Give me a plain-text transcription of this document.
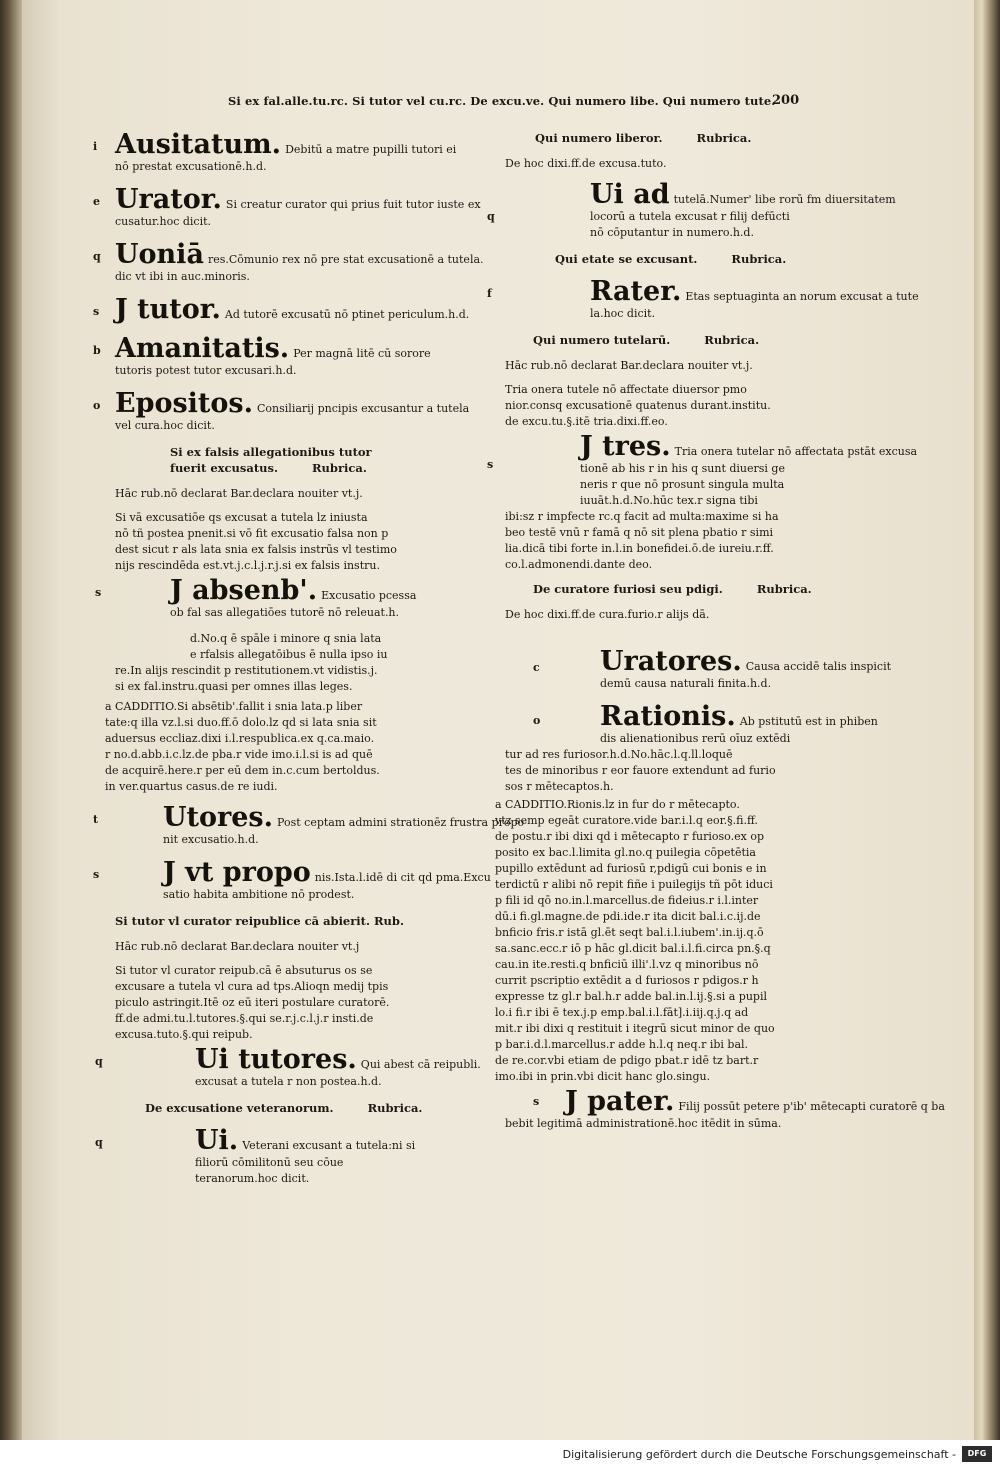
Si ex fal.alle.tu.rc. Si tutor vel cu.rc. De excu.ve. Qui numero libe. Qui numero tute.
200
i Ausitatum. Debitū a matre pupilli tutori ei
nō prestat excusationē.h.d.
e Urator. Si creatur curator qui prius fuit tutor iuste ex
cusatur.hoc dicit.
q Uoniā res.Cōmunio rex nō pre stat excusationē a tutela.
dic vt ibi in auc.minoris.
s J tutor. Ad tutorē excusatū nō ptinet periculum.h.d.
b Amanitatis. Per magnā litē cū sorore
tutoris potest tutor excusari.h.d.
o Epositos. Consiliarij pncipis excusantur a tutela
vel cura.hoc dicit.
Si ex falsis allegationibus tutor fuerit excusatus.	Rubrica.
Hāc rub.nō declarat Bar.declara nouiter vt.j.
Si vā excusatiōe qs excusat a tutela lz iniusta
nō tñ postea pnenit.si vō fit excusatio falsa non p
dest sicut r als lata snia ex falsis instrūs vl testimo
nijs rescindēda est.vt.j.c.l.j.r.j.si ex falsis instru.
s	J absenb'. Excusatio pcessa ob fal sas allegatiōes tutorē nō releuat.h.
d.No.q ē spāle i minore q snia lata
e rfalsis allegatōibus ē nulla ipso iu
re.In alijs rescindit p restitutionem.vt vidistis.j.
si ex fal.instru.quasi per omnes illas leges.
a CADDITIO.Si absētib'.fallit i snia lata.p liber
tate:q illa vz.l.si duo.ff.ō dolo.lz qd si lata snia sit
aduersus eccliaz.dixi i.l.respublica.ex q.ca.maio.
r no.d.abb.i.c.lz.de pba.r vide imo.i.l.si is ad quē
de acquirē.here.r per eū dem in.c.cum bertoldus.
in ver.quartus casus.de re iudi.
t Utores. Post ceptam admini strationēz frustra propo
nit excusatio.h.d.
s J vt propo nis.Ista.l.idē di cit qd pma.Excu
satio habita ambitione nō prodest.
Si tutor vl curator reipublice cā abierit. Rub.
Hāc rub.nō declarat Bar.declara nouiter vt.j
Si tutor vl curator reipub.cā ē absuturus os se
excusare a tutela vl cura ad tps.Alioqn medij tpis
piculo astringit.Itē oz eū iteri postulare curatorē.
ff.de admi.tu.l.tutores.§.qui se.r.j.c.l.j.r insti.de
excusa.tuto.§.qui reipub.
q	Ui tutores. Qui abest cā reipubli.
excusat a tutela r non postea.h.d.
De excusatione veteranorum.	Rubrica.
q	Ui. Veterani excusant a tutela:ni si filiorū cōmilitonū seu cōue
teranorum.hoc dicit.
Qui numero liberor.	Rubrica.
De hoc dixi.ff.de excusa.tuto.
q
Ui ad tutelā.Numer' libe rorū fm diuersitatem
locorū a tutela excusat r filij defūcti
nō cōputantur in numero.h.d.
Qui etate se excusant.	Rubrica.
f	Rater. Etas septuaginta an norum excusat a tute
la.hoc dicit.
Qui numero tutelarū.	Rubrica.
Hāc rub.nō declarat Bar.declara nouiter vt.j.
Tria onera tutele nō affectate diuersor pmo
nior.consq excusationē quatenus durant.institu.
de excu.tu.§.itē tria.dixi.ff.eo.
s
J tres. Tria onera tutelar nō affectata pstāt excusa
tionē ab his r in his q sunt diuersi ge
neris r que nō prosunt singula multa
iuuāt.h.d.No.hūc tex.r signa tibi
ibi:sz r impfecte rc.q facit ad multa:maxime si ha
beo testē vnū r famā q nō sit plena pbatio r simi
lia.dicā tibi forte in.l.in bonefidei.ō.de iureiu.r.ff.
co.l.admonendi.dante deo.
De curatore furiosi seu pdigi.	Rubrica.
De hoc dixi.ff.de cura.furio.r alijs dā.
c Uratores. Causa accidē talis inspicit
demū causa naturali finita.h.d.
o Rationis. Ab pstitutū est in phiben
dis alienationibus rerū oīuz extēdi
tur ad res furiosor.h.d.No.hāc.l.q.ll.loquē
tes de minoribus r eor fauore extendunt ad furio
sos r mētecaptos.h.
a CADDITIO.Rionis.lz in fur do r mētecapto.
vtz semp egeāt curatore.vide bar.i.l.q eor.§.fi.ff.
de postu.r ibi dixi qd i mētecapto r furioso.ex op
posito ex bac.l.limita gl.no.q puilegia cōpetētia
pupillo extēdunt ad furiosū r,pdigū cui bonis e in
terdictū r alibi nō repit fiñe i puilegijs tñ pōt iduci
p fili id qō no.in.l.marcellus.de fideius.r i.l.inter
dū.i fi.gl.magne.de pdi.ide.r ita dicit bal.i.c.ij.de
bnficio fris.r istā gl.ēt seqt bal.i.l.iubem'.in.ij.q.ō
sa.sanc.ecc.r iō p hāc gl.dicit bal.i.l.fi.circa pn.§.q
cau.in ite.resti.q bnficiū illi'.l.vz q minoribus nō
currit pscriptio extēdit a d furiosos r pdigos.r h
expresse tz gl.r bal.h.r adde bal.in.l.ij.§.si a pupil
lo.i fi.r ibi ē tex.j.p emp.bal.i.l.fāt].i.iij.q.j.q ad
mit.r ibi dixi q restituit i itegrū sicut minor de quo
p bar.i.d.l.marcellus.r adde h.l.q neq.r ibi bal.
de re.cor.vbi etiam de pdigo pbat.r idē tz bart.r
imo.ibi in prin.vbi dicit hanc glo.singu.
s J pater. Filij possūt petere p'ib' mētecapti curatorē q ba
bebit legitimā administrationē.hoc itēdit in sūma.
Digitalisierung gefördert durch die Deutsche Forschungsgemeinschaft -	DFG
